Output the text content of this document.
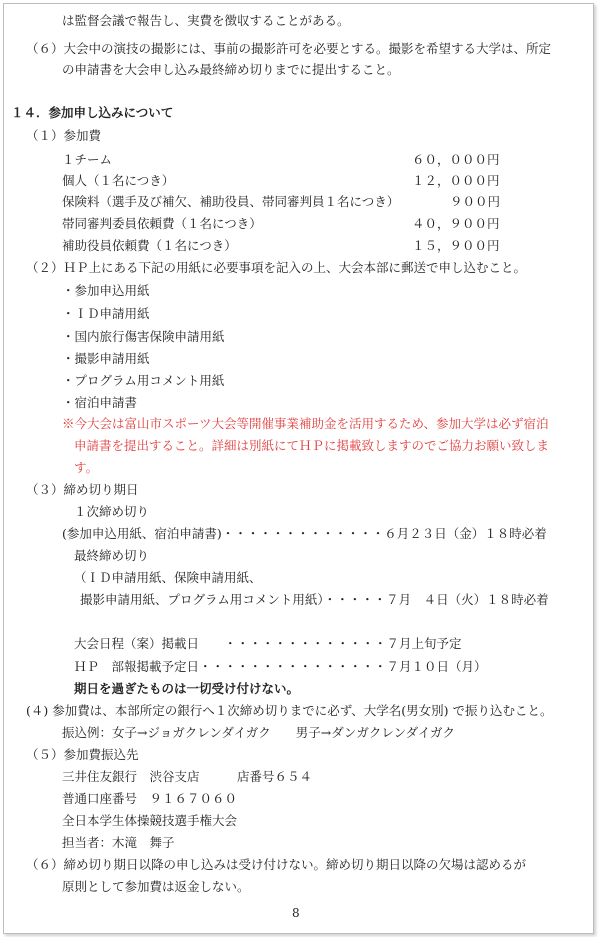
は監督会議で報告し、実費を徴収することがある。
（６）大会中の演技の撮影には、事前の撮影許可を必要とする。撮影を希望する大学は、所定
の申請書を大会申し込み最終締め切りまでに提出すること。
１４．参加申し込みについて
（１）参加費
１チーム	６０，０００円
個人（１名につき）	１２，０００円
保険料（選手及び補欠、補助役員、帯同審判員１名につき）	９００円
帯同審判委員依頼費（１名につき）	４０，９００円
補助役員依頼費（１名につき）	１５，９００円
（２）ＨＰ上にある下記の用紙に必要事項を記入の上、大会本部に郵送で申し込むこと。
・参加申込用紙
・ＩＤ申請用紙
・国内旅行傷害保険申請用紙
・撮影申請用紙
・プログラム用コメント用紙
・宿泊申請書
※今大会は富山市スポーツ大会等開催事業補助金を活用するため、参加大学は必ず宿泊
申請書を提出すること。詳細は別紙にてＨＰに掲載致しますのでご協力お願い致しま
す。
（３）締め切り期日
１次締め切り
(参加申込用紙、宿泊申請書)・・・・・・・・・・・・・６月２３日（金）１８時必着
最終締め切り
（ＩＤ申請用紙、保険申請用紙、
撮影申請用紙、プログラム用コメント用紙）・・・・・７月　４日（火）１８時必着
大会日程（案）掲載日　　・・・・・・・・・・・・・７月上旬予定
ＨＰ　部報掲載予定日・・・・・・・・・・・・・・・７月１０日（月）
期日を過ぎたものは一切受け付けない。
(４) 参加費は、本部所定の銀行へ１次締め切りまでに必ず、大学名(男女別) で振り込むこと。
振込例：女子→ジョガクレンダイガク　　男子→ダンガクレンダイガク
（５）参加費振込先
三井住友銀行　渋谷支店　　　店番号６５４
普通口座番号　９１６７０６０
全日本学生体操競技選手権大会
担当者：木滝　舞子
（６）締め切り期日以降の申し込みは受け付けない。締め切り期日以降の欠場は認めるが
原則として参加費は返金しない。
8
